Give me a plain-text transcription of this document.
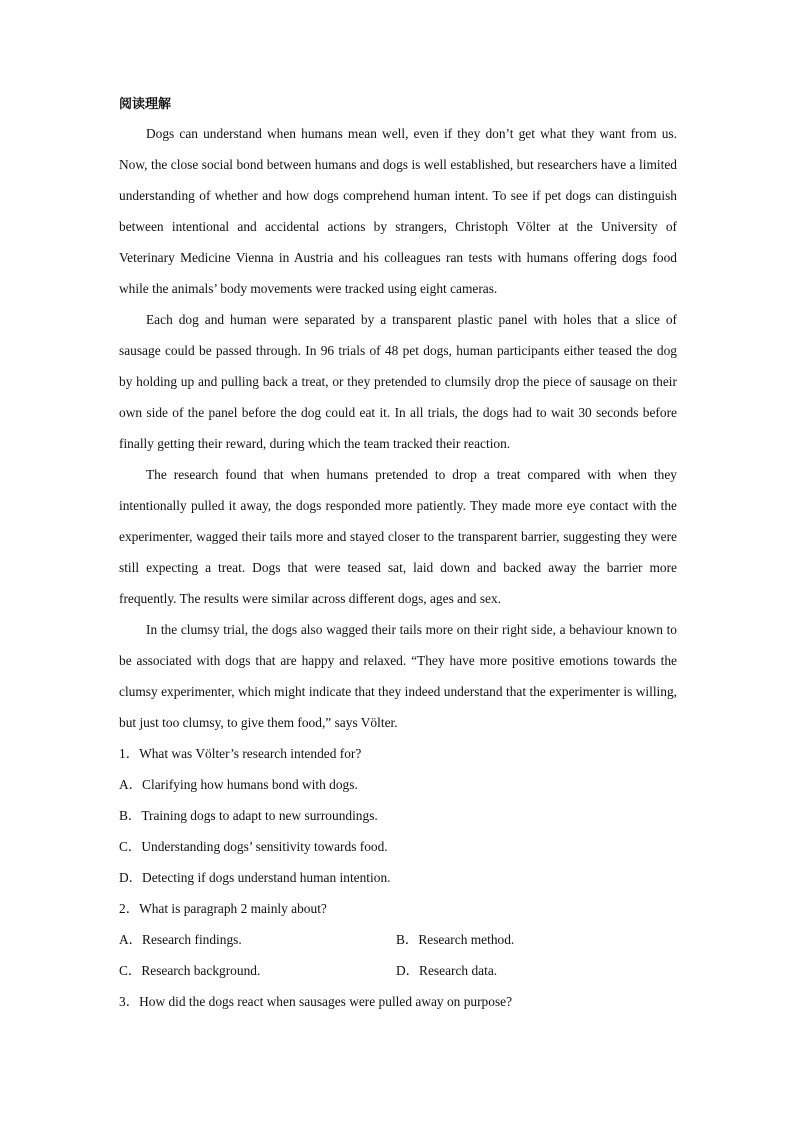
阅读理解

Dogs can understand when humans mean well, even if they don’t get what they want from us. Now, the close social bond between humans and dogs is well established, but researchers have a limited understanding of whether and how dogs comprehend human intent. To see if pet dogs can distinguish between intentional and accidental actions by strangers, Christoph Völter at the University of Veterinary Medicine Vienna in Austria and his colleagues ran tests with humans offering dogs food while the animals’ body movements were tracked using eight cameras.

Each dog and human were separated by a transparent plastic panel with holes that a slice of sausage could be passed through. In 96 trials of 48 pet dogs, human participants either teased the dog by holding up and pulling back a treat, or they pretended to clumsily drop the piece of sausage on their own side of the panel before the dog could eat it. In all trials, the dogs had to wait 30 seconds before finally getting their reward, during which the team tracked their reaction.

The research found that when humans pretended to drop a treat compared with when they intentionally pulled it away, the dogs responded more patiently. They made more eye contact with the experimenter, wagged their tails more and stayed closer to the transparent barrier, suggesting they were still expecting a treat. Dogs that were teased sat, laid down and backed away the barrier more frequently. The results were similar across different dogs, ages and sex.

In the clumsy trial, the dogs also wagged their tails more on their right side, a behaviour known to be associated with dogs that are happy and relaxed. “They have more positive emotions towards the clumsy experimenter, which might indicate that they indeed understand that the experimenter is willing, but just too clumsy, to give them food,” says Völter.

1．What was Völter’s research intended for?

A．Clarifying how humans bond with dogs.

B．Training dogs to adapt to new surroundings.

C．Understanding dogs’ sensitivity towards food.

D．Detecting if dogs understand human intention.

2．What is paragraph 2 mainly about?

A．Research findings.	B．Research method.
C．Research background.	D．Research data.

3．How did the dogs react when sausages were pulled away on purpose?
